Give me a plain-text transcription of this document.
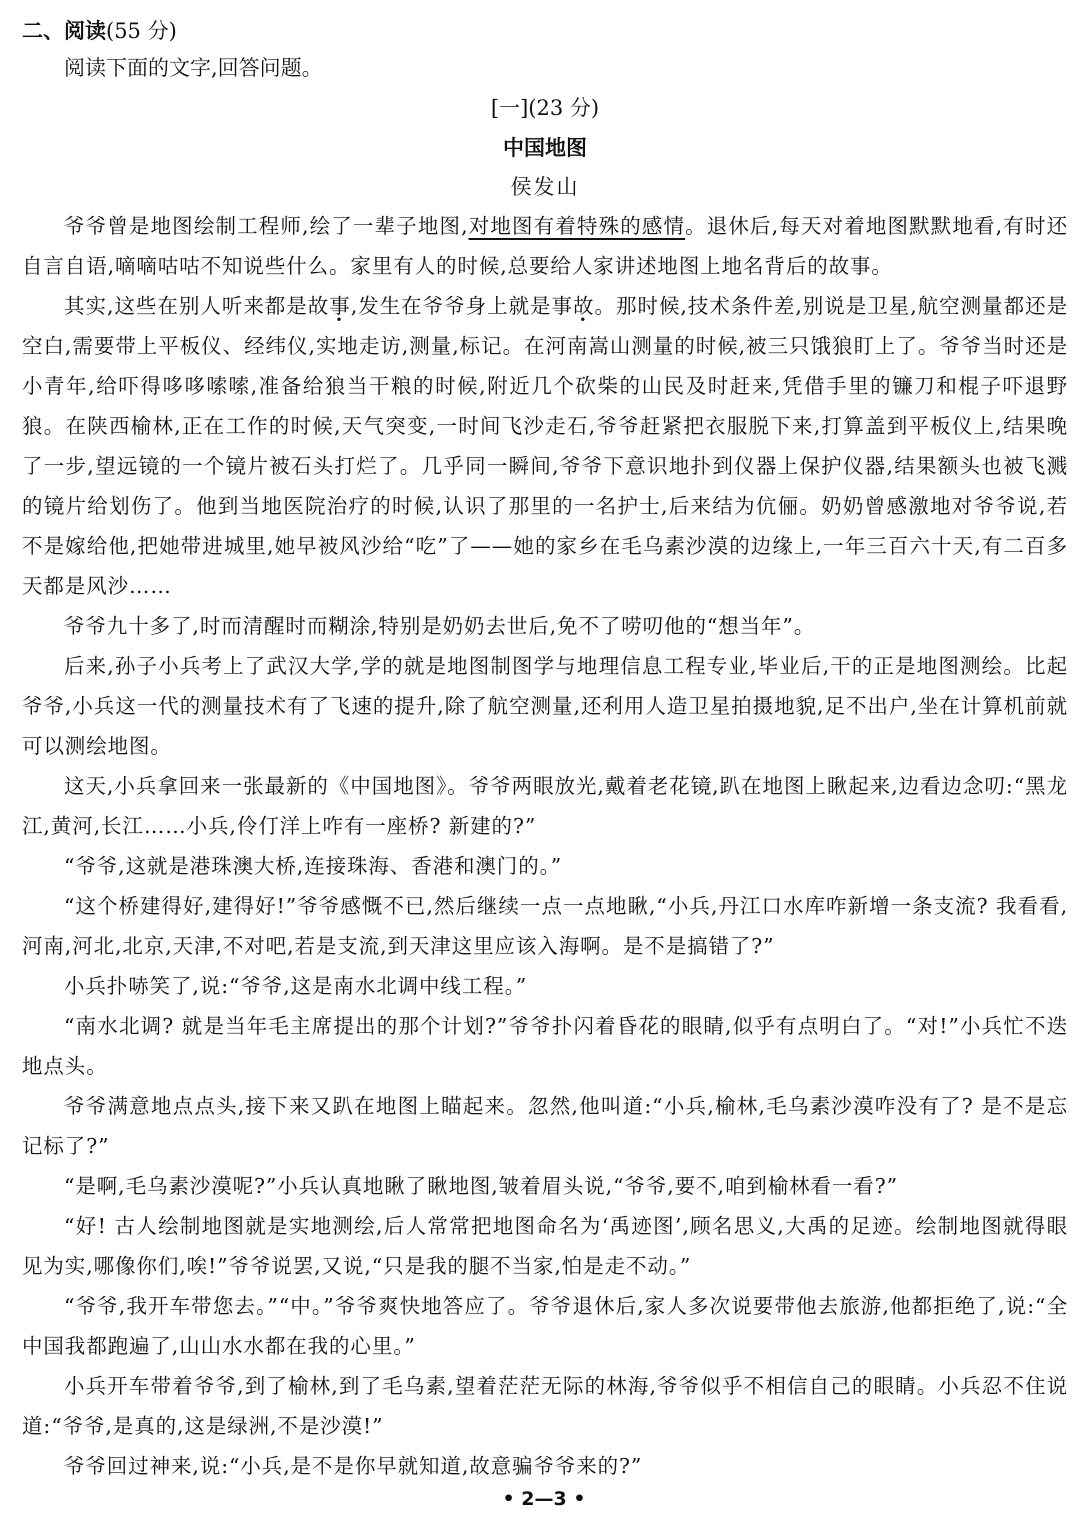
二、阅读(55 分)
阅读下面的文字,回答问题。
[一](23 分)
中国地图
侯发山

爷爷曾是地图绘制工程师,绘了一辈子地图,对地图有着特殊的感情。退休后,每天对着地图默默地看,有时还自言自语,嘀嘀咕咕不知说些什么。家里有人的时候,总要给人家讲述地图上地名背后的故事。

其实,这些在别人听来都是故事,发生在爷爷身上就是事故。那时候,技术条件差,别说是卫星,航空测量都还是空白,需要带上平板仪、经纬仪,实地走访,测量,标记。在河南嵩山测量的时候,被三只饿狼盯上了。爷爷当时还是小青年,给吓得哆哆嗦嗦,准备给狼当干粮的时候,附近几个砍柴的山民及时赶来,凭借手里的镰刀和棍子吓退野狼。在陕西榆林,正在工作的时候,天气突变,一时间飞沙走石,爷爷赶紧把衣服脱下来,打算盖到平板仪上,结果晚了一步,望远镜的一个镜片被石头打烂了。几乎同一瞬间,爷爷下意识地扑到仪器上保护仪器,结果额头也被飞溅的镜片给划伤了。他到当地医院治疗的时候,认识了那里的一名护士,后来结为伉俪。奶奶曾感激地对爷爷说,若不是嫁给他,把她带进城里,她早被风沙给“吃”了——她的家乡在毛乌素沙漠的边缘上,一年三百六十天,有二百多天都是风沙……

爷爷九十多了,时而清醒时而糊涂,特别是奶奶去世后,免不了唠叨他的“想当年”。

后来,孙子小兵考上了武汉大学,学的就是地图制图学与地理信息工程专业,毕业后,干的正是地图测绘。比起爷爷,小兵这一代的测量技术有了飞速的提升,除了航空测量,还利用人造卫星拍摄地貌,足不出户,坐在计算机前就可以测绘地图。

这天,小兵拿回来一张最新的《中国地图》。爷爷两眼放光,戴着老花镜,趴在地图上瞅起来,边看边念叨:“黑龙江,黄河,长江……小兵,伶仃洋上咋有一座桥? 新建的?”

“爷爷,这就是港珠澳大桥,连接珠海、香港和澳门的。”

“这个桥建得好,建得好!”爷爷感慨不已,然后继续一点一点地瞅,“小兵,丹江口水库咋新增一条支流? 我看看,河南,河北,北京,天津,不对吧,若是支流,到天津这里应该入海啊。是不是搞错了?”

小兵扑哧笑了,说:“爷爷,这是南水北调中线工程。”

“南水北调? 就是当年毛主席提出的那个计划?”爷爷扑闪着昏花的眼睛,似乎有点明白了。“对!”小兵忙不迭地点头。

爷爷满意地点点头,接下来又趴在地图上瞄起来。忽然,他叫道:“小兵,榆林,毛乌素沙漠咋没有了? 是不是忘记标了?”

“是啊,毛乌素沙漠呢?”小兵认真地瞅了瞅地图,皱着眉头说,“爷爷,要不,咱到榆林看一看?”

“好! 古人绘制地图就是实地测绘,后人常常把地图命名为‘禹迹图’,顾名思义,大禹的足迹。绘制地图就得眼见为实,哪像你们,唉!”爷爷说罢,又说,“只是我的腿不当家,怕是走不动。”

“爷爷,我开车带您去。”“中。”爷爷爽快地答应了。爷爷退休后,家人多次说要带他去旅游,他都拒绝了,说:“全中国我都跑遍了,山山水水都在我的心里。”

小兵开车带着爷爷,到了榆林,到了毛乌素,望着茫茫无际的林海,爷爷似乎不相信自己的眼睛。小兵忍不住说道:“爷爷,是真的,这是绿洲,不是沙漠!”

爷爷回过神来,说:“小兵,是不是你早就知道,故意骗爷爷来的?”

• 2—3 •
